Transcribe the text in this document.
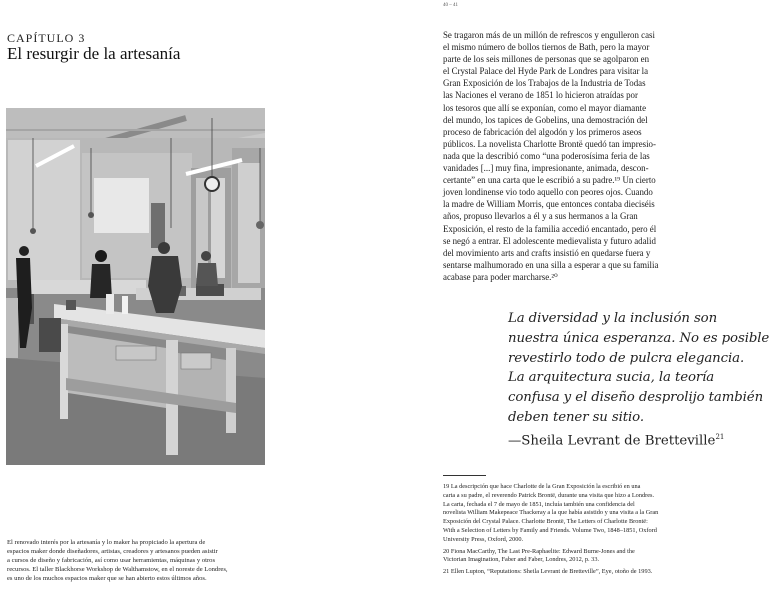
CAPÍTULO 3
El resurgir de la artesanía
El renovado interés por la artesanía y lo maker ha propiciado la apertura de
espacios maker donde diseñadores, artistas, creadores y artesanos pueden asistir
a cursos de diseño y fabricación, así como usar herramientas, máquinas y otros
recursos. El taller Blackhorse Workshop de Walthamstow, en el noreste de Londres,
es uno de los muchos espacios maker que se han abierto estos últimos años.
40 – 41
Se tragaron más de un millón de refrescos y engulleron casi
el mismo número de bollos tiernos de Bath, pero la mayor
parte de los seis millones de personas que se agolparon en
el Crystal Palace del Hyde Park de Londres para visitar la
Gran Exposición de los Trabajos de la Industria de Todas
las Naciones el verano de 1851 lo hicieron atraídas por
los tesoros que allí se exponían, como el mayor diamante
del mundo, los tapices de Gobelins, una demostración del
proceso de fabricación del algodón y los primeros aseos
públicos. La novelista Charlotte Brontë quedó tan impresio-
nada que la describió como “una poderosísima feria de las
vanidades [...] muy fina, impresionante, animada, descon-
certante” en una carta que le escribió a su padre.¹⁹ Un cierto
joven londinense vio todo aquello con peores ojos. Cuando
la madre de William Morris, que entonces contaba dieciséis
años, propuso llevarlos a él y a sus hermanos a la Gran
Exposición, el resto de la familia accedió encantado, pero él
se negó a entrar. El adolescente medievalista y futuro adalid
del movimiento arts and crafts insistió en quedarse fuera y
sentarse malhumorado en una silla a esperar a que su familia
acabase para poder marcharse.²⁰
La diversidad y la inclusión son
nuestra única esperanza. No es posible
revestirlo todo de pulcra elegancia.
La arquitectura sucia, la teoría
confusa y el diseño desprolijo también
deben tener su sitio.
—Sheila Levrant de Bretteville$^{21}$
19 La descripción que hace Charlotte de la Gran Exposición la escribió en una
carta a su padre, el reverendo Patrick Brontë, durante una visita que hizo a Londres.
La carta, fechada el 7 de mayo de 1851, incluía también una confidencia del
novelista William Makepeace Thackeray a la que había asistido y una visita a la Gran
Exposición del Crystal Palace. Charlotte Brontë, The Letters of Charlotte Brontë:
With a Selection of Letters by Family and Friends. Volume Two, 1848–1851, Oxford
University Press, Oxford, 2000.
20 Fiona MacCarthy, The Last Pre-Raphaelite: Edward Burne-Jones and the
Victorian Imagination, Faber and Faber, Londres, 2012, p. 33.
21 Ellen Lupton, “Reputations: Sheila Levrant de Bretteville”, Eye, otoño de 1993.
